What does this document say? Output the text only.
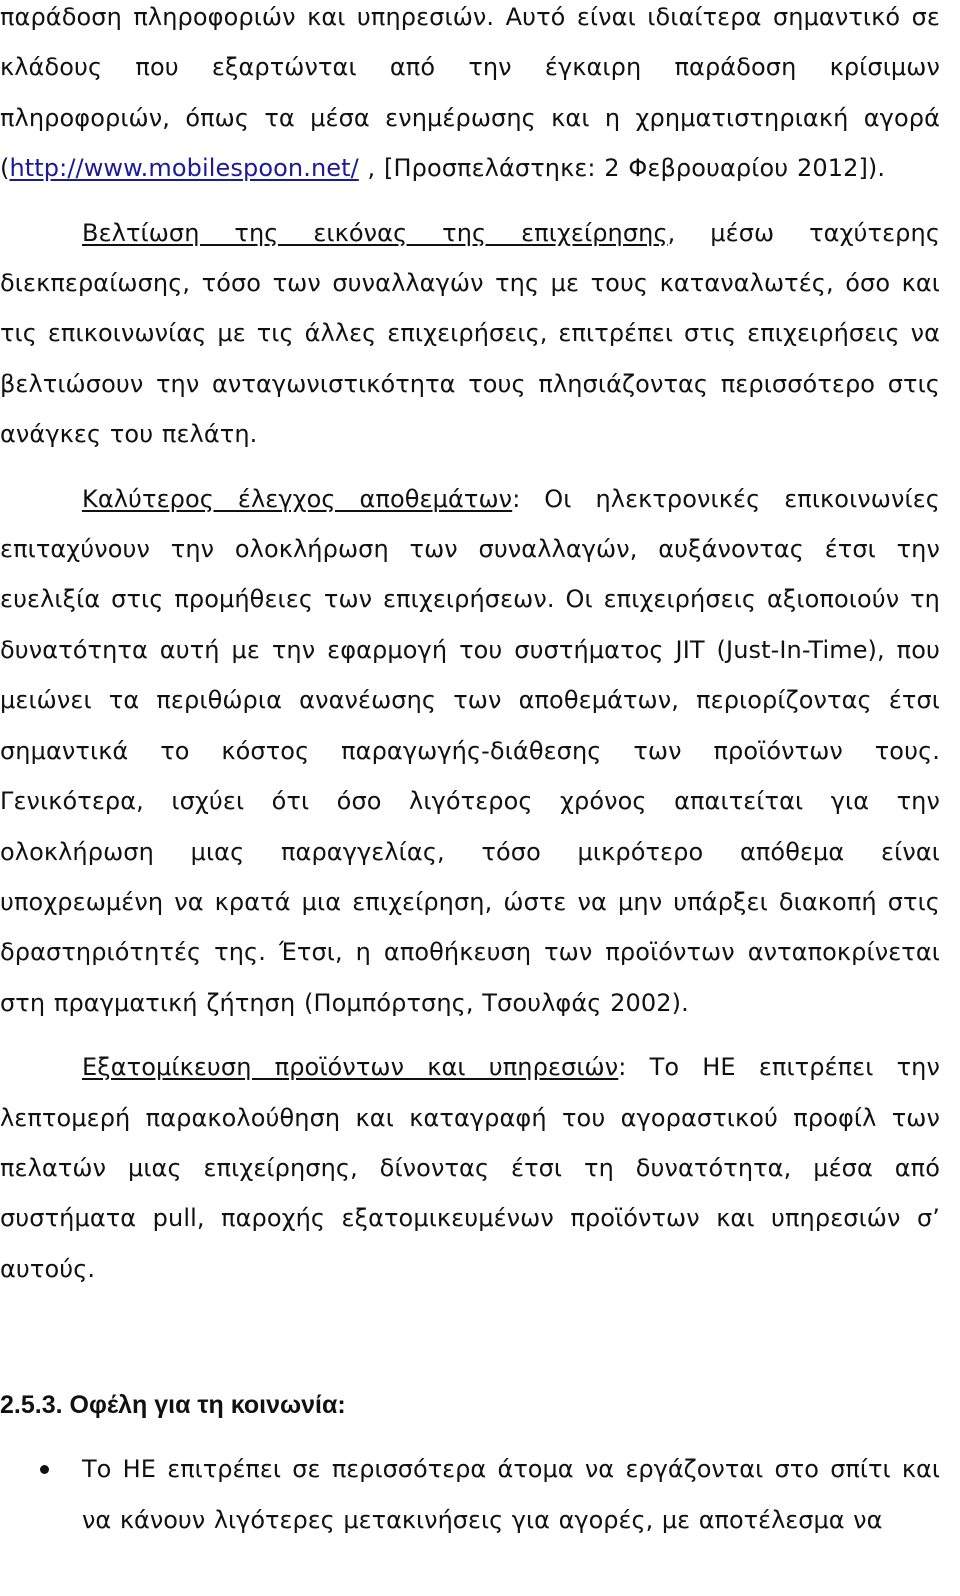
παράδοση πληροφοριών και υπηρεσιών. Αυτό είναι ιδιαίτερα σημαντικό σε κλάδους που εξαρτώνται από την έγκαιρη παράδοση κρίσιμων πληροφοριών, όπως τα μέσα ενημέρωσης και η χρηματιστηριακή αγορά (http://www.mobilespoon.net/ , [Προσπελάστηκε: 2 Φεβρουαρίου 2012]).

Βελτίωση της εικόνας της επιχείρησης, μέσω ταχύτερης διεκπεραίωσης, τόσο των συναλλαγών της με τους καταναλωτές, όσο και τις επικοινωνίας με τις άλλες επιχειρήσεις, επιτρέπει στις επιχειρήσεις να βελτιώσουν την ανταγωνιστικότητα τους πλησιάζοντας περισσότερο στις ανάγκες του πελάτη.

Καλύτερος έλεγχος αποθεμάτων: Οι ηλεκτρονικές επικοινωνίες επιταχύνουν την ολοκλήρωση των συναλλαγών, αυξάνοντας έτσι την ευελιξία στις προμήθειες των επιχειρήσεων. Οι επιχειρήσεις αξιοποιούν τη δυνατότητα αυτή με την εφαρμογή του συστήματος JIT (Just-In-Time), που μειώνει τα περιθώρια ανανέωσης των αποθεμάτων, περιορίζοντας έτσι σημαντικά το κόστος παραγωγής-διάθεσης των προϊόντων τους. Γενικότερα, ισχύει ότι όσο λιγότερος χρόνος απαιτείται για την ολοκλήρωση μιας παραγγελίας, τόσο μικρότερο απόθεμα είναι υποχρεωμένη να κρατά μια επιχείρηση, ώστε να μην υπάρξει διακοπή στις δραστηριότητές της. Έτσι, η αποθήκευση των προϊόντων ανταποκρίνεται στη πραγματική ζήτηση (Πομπόρτσης, Τσουλφάς 2002).

Εξατομίκευση προϊόντων και υπηρεσιών: Το ΗΕ επιτρέπει την λεπτομερή παρακολούθηση και καταγραφή του αγοραστικού προφίλ των πελατών μιας επιχείρησης, δίνοντας έτσι τη δυνατότητα, μέσα από συστήματα pull, παροχής εξατομικευμένων προϊόντων και υπηρεσιών σ’ αυτούς.

2.5.3. Οφέλη για τη κοινωνία:
Το ΗΕ επιτρέπει σε περισσότερα άτομα να εργάζονται στο σπίτι και να κάνουν λιγότερες μετακινήσεις για αγορές, με αποτέλεσμα να
